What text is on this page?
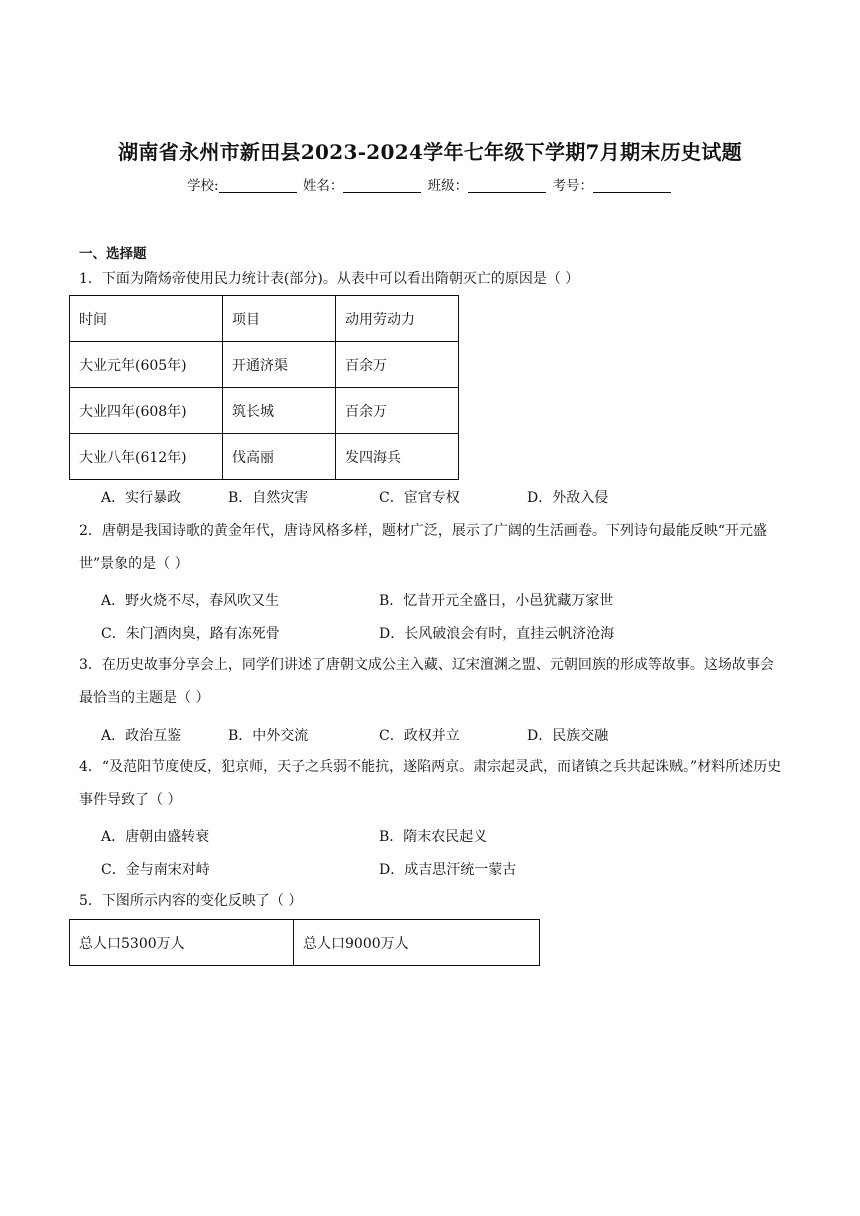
湖南省永州市新田县2023-2024学年七年级下学期7月期末历史试题
学校:	姓名：	班级：	考号：
一、选择题
1．下面为隋炀帝使用民力统计表(部分)。从表中可以看出隋朝灭亡的原因是（ ）
时间	项目	动用劳动力
大业元年(605年)	开通济渠	百余万
大业四年(608年)	筑长城	百余万
大业八年(612年)	伐高丽	发四海兵
A．实行暴政	B．自然灾害	C．宦官专权	D．外敌入侵
2．唐朝是我国诗歌的黄金年代，唐诗风格多样，题材广泛，展示了广阔的生活画卷。下列诗句最能反映“开元盛世”景象的是（ ）
A．野火烧不尽，春风吹又生	B．忆昔开元全盛日，小邑犹藏万家世
C．朱门酒肉臭，路有冻死骨	D．长风破浪会有时，直挂云帆济沧海
3．在历史故事分享会上，同学们讲述了唐朝文成公主入藏、辽宋澶渊之盟、元朝回族的形成等故事。这场故事会最恰当的主题是（ ）
A．政治互鉴	B．中外交流	C．政权并立	D．民族交融
4．“及范阳节度使反，犯京师，天子之兵弱不能抗，遂陷两京。肃宗起灵武，而诸镇之兵共起诛贼。”材料所述历史事件导致了（ ）
A．唐朝由盛转衰	B．隋末农民起义
C．金与南宋对峙	D．成吉思汗统一蒙古
5．下图所示内容的变化反映了（ ）
总人口5300万人	总人口9000万人
